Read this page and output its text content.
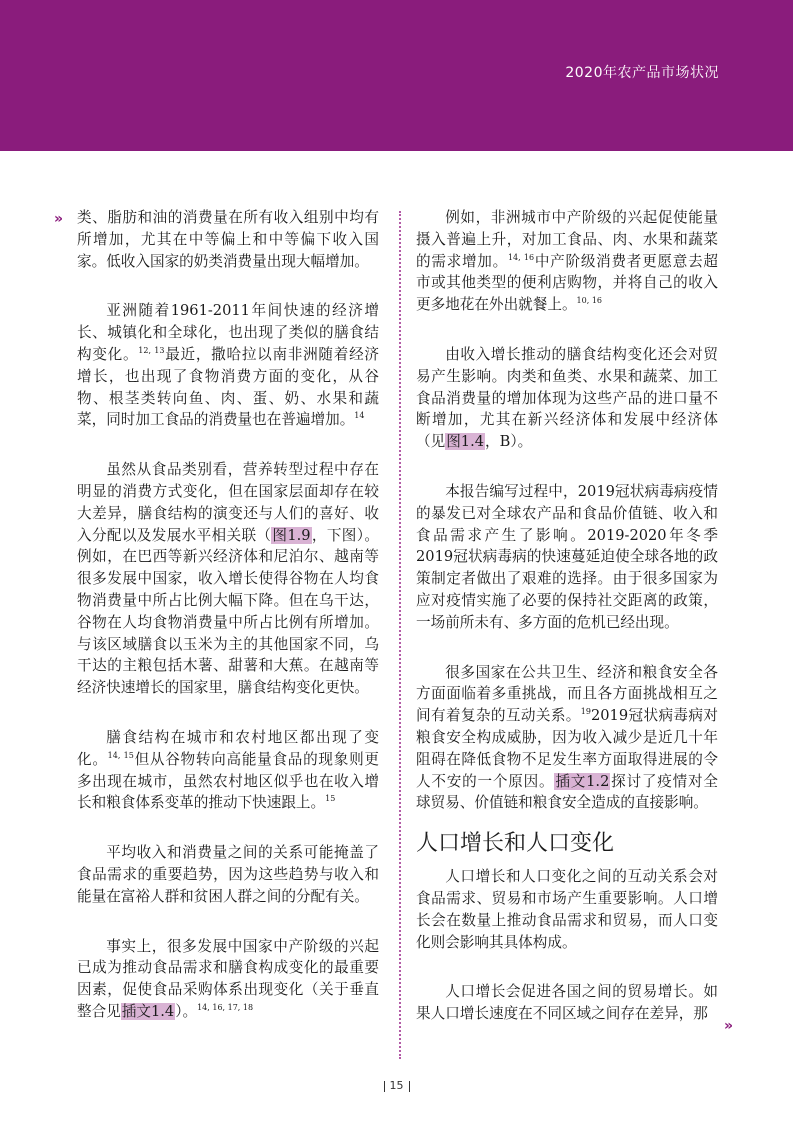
2020年农产品市场状况
»
»

类、脂肪和油的消费量在所有收入组别中均有所增加，尤其在中等偏上和中等偏下收入国家。低收入国家的奶类消费量出现大幅增加。

亚洲随着1961-2011年间快速的经济增长、城镇化和全球化，也出现了类似的膳食结构变化。$^{12, 13}$最近，撒哈拉以南非洲随着经济增长，也出现了食物消费方面的变化，从谷物、根茎类转向鱼、肉、蛋、奶、水果和蔬菜，同时加工食品的消费量也在普遍增加。$^{14}$

虽然从食品类别看，营养转型过程中存在明显的消费方式变化，但在国家层面却存在较大差异，膳食结构的演变还与人们的喜好、收入分配以及发展水平相关联（图1.9，下图）。例如，在巴西等新兴经济体和尼泊尔、越南等很多发展中国家，收入增长使得谷物在人均食物消费量中所占比例大幅下降。但在乌干达，谷物在人均食物消费量中所占比例有所增加。与该区域膳食以玉米为主的其他国家不同，乌干达的主粮包括木薯、甜薯和大蕉。在越南等经济快速增长的国家里，膳食结构变化更快。

膳食结构在城市和农村地区都出现了变化。$^{14, 15}$但从谷物转向高能量食品的现象则更多出现在城市，虽然农村地区似乎也在收入增长和粮食体系变革的推动下快速跟上。$^{15}$

平均收入和消费量之间的关系可能掩盖了食品需求的重要趋势，因为这些趋势与收入和能量在富裕人群和贫困人群之间的分配有关。

事实上，很多发展中国家中产阶级的兴起已成为推动食品需求和膳食构成变化的最重要因素，促使食品采购体系出现变化（关于垂直整合见插文1.4）。$^{14, 16, 17, 18}$

例如，非洲城市中产阶级的兴起促使能量摄入普遍上升，对加工食品、肉、水果和蔬菜的需求增加。$^{14, 16}$中产阶级消费者更愿意去超市或其他类型的便利店购物，并将自己的收入更多地花在外出就餐上。$^{10, 16}$

由收入增长推动的膳食结构变化还会对贸易产生影响。肉类和鱼类、水果和蔬菜、加工食品消费量的增加体现为这些产品的进口量不断增加，尤其在新兴经济体和发展中经济体（见图1.4，B）。

本报告编写过程中，2019冠状病毒病疫情的暴发已对全球农产品和食品价值链、收入和食品需求产生了影响。2019-2020年冬季2019冠状病毒病的快速蔓延迫使全球各地的政策制定者做出了艰难的选择。由于很多国家为应对疫情实施了必要的保持社交距离的政策，一场前所未有、多方面的危机已经出现。

很多国家在公共卫生、经济和粮食安全各方面面临着多重挑战，而且各方面挑战相互之间有着复杂的互动关系。$^{19}$2019冠状病毒病对粮食安全构成威胁，因为收入减少是近几十年阻碍在降低食物不足发生率方面取得进展的令人不安的一个原因。插文1.2探讨了疫情对全球贸易、价值链和粮食安全造成的直接影响。

人口增长和人口变化

人口增长和人口变化之间的互动关系会对食品需求、贸易和市场产生重要影响。人口增长会在数量上推动食品需求和贸易，而人口变化则会影响其具体构成。

人口增长会促进各国之间的贸易增长。如果人口增长速度在不同区域之间存在差异，那

15
